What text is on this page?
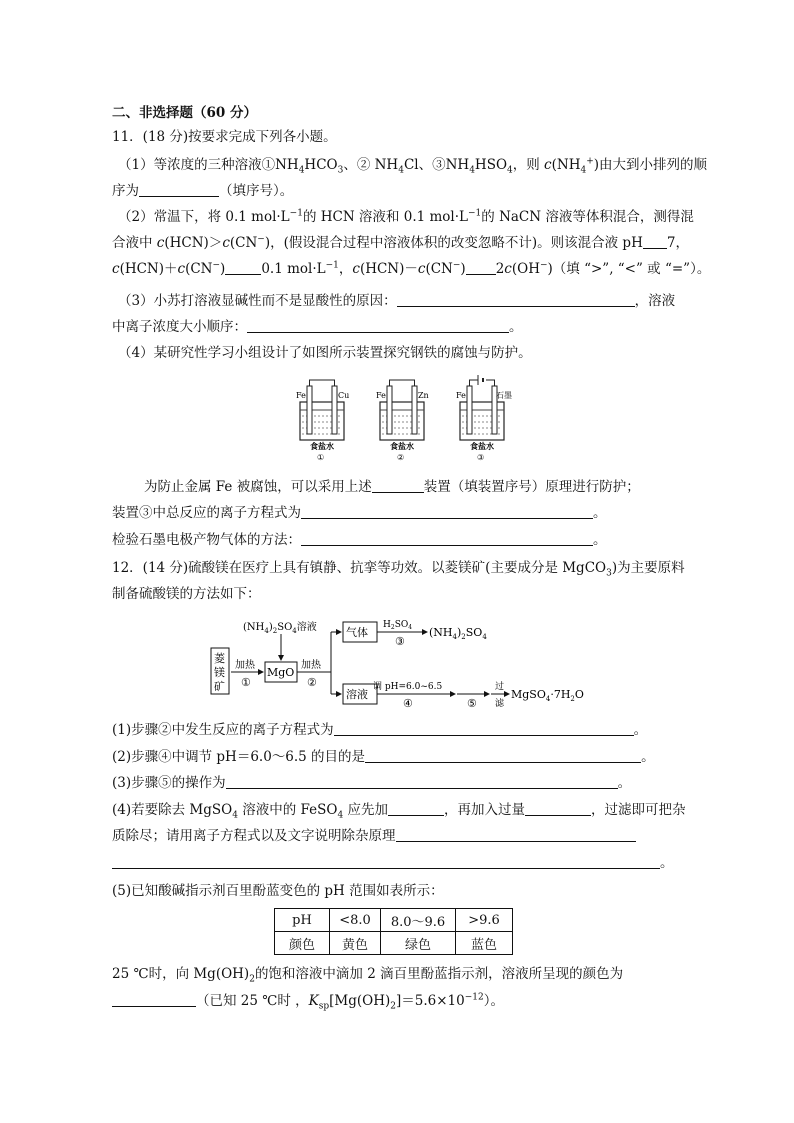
二、非选择题（60 分）
11．(18 分)按要求完成下列各小题。
（1）等浓度的三种溶液$①NH_4HCO_3$、② $NH_4Cl$、$③NH_4HSO_4$，则 $c(NH_4^+)$由大到小排列的顺
序为	（填序号）。
（2）常温下，将 0.1 $mol\cdot L^{-1}$的 HCN 溶液和 0.1 $mol\cdot L^{-1}$的 NaCN 溶液等体积混合，测得混
合液中 c(HCN)＞c(CN−)，(假设混合过程中溶液体积的改变忽略不计)。则该混合液 pH 7，
c(HCN)＋c(CN−)	0.1 $mol\cdot L^{-1}$，c(HCN)－c(CN−) 2c(OH−)（填 “>”, “<” 或 “=”）。
（3）小苏打溶液显碱性而不是显酸性的原因：	，溶液
中离子浓度大小顺序：	。
（4）某研究性学习小组设计了如图所示装置探究钢铁的腐蚀与防护。
Fe	Cu
食盐水
①
Fe	Zn
食盐水
②
Fe	石墨
食盐水
③
为防止金属 Fe 被腐蚀，可以采用上述	装置（填装置序号）原理进行防护；
装置③中总反应的离子方程式为	。
检验石墨电极产物气体的方法：	。
12．(14 分)硫酸镁在医疗上具有镇静、抗挛等功效。以菱镁矿(主要成分是 MgCO$_3$)为主要原料
制备硫酸镁的方法如下：
菱
镁
矿
加热
①
MgO
$(NH_4)_2SO_4$溶液
加热
②
气体
$H_2SO_4$
③
$(NH_4)_2SO_4$
溶液
调 pH=6.0~6.5
④	⑤
过
滤
$MgSO_4\cdot 7H_2O$
(1)步骤②中发生反应的离子方程式为	。
(2)步骤④中调节 pH＝6.0～6.5 的目的是	。
(3)步骤⑤的操作为	。
(4)若要除去 MgSO$_4$ 溶液中的 FeSO$_4$ 应先加	，再加入过量	，过滤即可把杂
质除尽；请用离子方程式以及文字说明除杂原理
。
(5)已知酸碱指示剂百里酚蓝变色的 pH 范围如表所示：
pH	<8.0	8.0～9.6	>9.6
颜色	黄色	绿色	蓝色
25 ℃时，向 $Mg(OH)_2$的饱和溶液中滴加 2 滴百里酚蓝指示剂，溶液所呈现的颜色为
（已知 25 ℃时 ，$K_{sp}[Mg(OH)_2]=5.6\times 10^{-12}$）。
